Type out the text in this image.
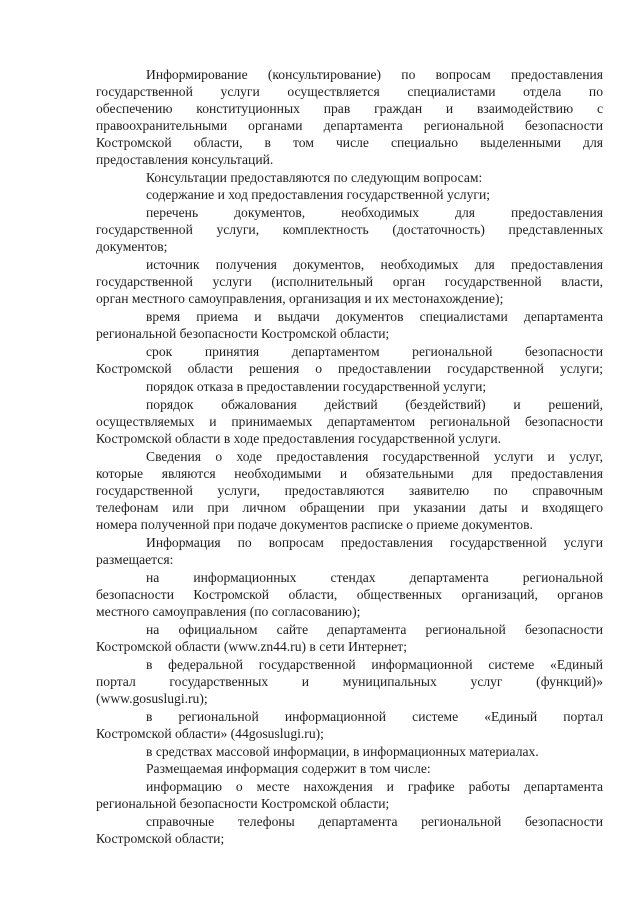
Информирование (консультирование) по вопросам предоставления
государственной услуги осуществляется специалистами отдела по
обеспечению конституционных прав граждан и взаимодействию с
правоохранительными органами департамента региональной безопасности
Костромской области, в том числе специально выделенными для
предоставления консультаций.
Консультации предоставляются по следующим вопросам:
содержание и ход предоставления государственной услуги;
перечень документов, необходимых для предоставления
государственной услуги, комплектность (достаточность) представленных
документов;
источник получения документов, необходимых для предоставления
государственной услуги (исполнительный орган государственной власти,
орган местного самоуправления, организация и их местонахождение);
время приема и выдачи документов специалистами департамента
региональной безопасности Костромской области;
срок принятия департаментом региональной безопасности
Костромской области решения о предоставлении государственной услуги;
порядок отказа в предоставлении государственной услуги;
порядок обжалования действий (бездействий) и решений,
осуществляемых и принимаемых департаментом региональной безопасности
Костромской области в ходе предоставления государственной услуги.
Сведения о ходе предоставления государственной услуги и услуг,
которые являются необходимыми и обязательными для предоставления
государственной услуги, предоставляются заявителю по справочным
телефонам или при личном обращении при указании даты и входящего
номера полученной при подаче документов расписке о приеме документов.
Информация по вопросам предоставления государственной услуги
размещается:
на информационных стендах департамента региональной
безопасности Костромской области, общественных организаций, органов
местного самоуправления (по согласованию);
на официальном сайте департамента региональной безопасности
Костромской области (www.zn44.ru) в сети Интернет;
в федеральной государственной информационной системе «Единый
портал государственных и муниципальных услуг (функций)»
(www.gosuslugi.ru);
в региональной информационной системе «Единый портал
Костромской области» (44gosuslugi.ru);
в средствах массовой информации, в информационных материалах.
Размещаемая информация содержит в том числе:
информацию о месте нахождения и графике работы департамента
региональной безопасности Костромской области;
справочные телефоны департамента региональной безопасности
Костромской области;
